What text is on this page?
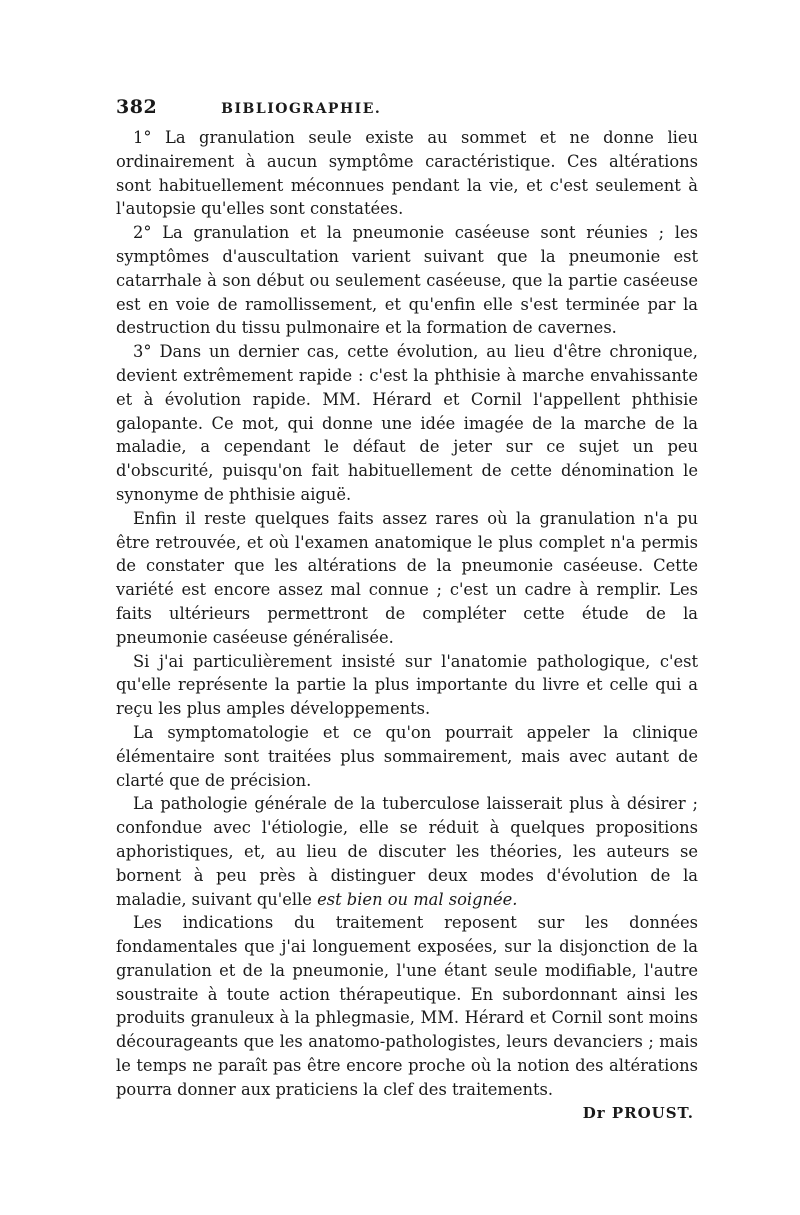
382	BIBLIOGRAPHIE.

1° La granulation seule existe au sommet et ne donne lieu ordinairement à aucun symptôme caractéristique. Ces altérations sont habituellement méconnues pendant la vie, et c'est seulement à l'autopsie qu'elles sont constatées.

2° La granulation et la pneumonie caséeuse sont réunies ; les symptômes d'auscultation varient suivant que la pneumonie est catarrhale à son début ou seulement caséeuse, que la partie caséeuse est en voie de ramollissement, et qu'enfin elle s'est terminée par la destruction du tissu pulmonaire et la formation de cavernes.

3° Dans un dernier cas, cette évolution, au lieu d'être chronique, devient extrêmement rapide : c'est la phthisie à marche envahissante et à évolution rapide. MM. Hérard et Cornil l'appellent phthisie galopante. Ce mot, qui donne une idée imagée de la marche de la maladie, a cependant le défaut de jeter sur ce sujet un peu d'obscurité, puisqu'on fait habituellement de cette dénomination le synonyme de phthisie aiguë.

Enfin il reste quelques faits assez rares où la granulation n'a pu être retrouvée, et où l'examen anatomique le plus complet n'a permis de constater que les altérations de la pneumonie caséeuse. Cette variété est encore assez mal connue ; c'est un cadre à remplir. Les faits ultérieurs permettront de compléter cette étude de la pneumonie caséeuse généralisée.

Si j'ai particulièrement insisté sur l'anatomie pathologique, c'est qu'elle représente la partie la plus importante du livre et celle qui a reçu les plus amples développements.

La symptomatologie et ce qu'on pourrait appeler la clinique élémentaire sont traitées plus sommairement, mais avec autant de clarté que de précision.

La pathologie générale de la tuberculose laisserait plus à désirer ; confondue avec l'étiologie, elle se réduit à quelques propositions aphoristiques, et, au lieu de discuter les théories, les auteurs se bornent à peu près à distinguer deux modes d'évolution de la maladie, suivant qu'elle est bien ou mal soignée.

Les indications du traitement reposent sur les données fondamentales que j'ai longuement exposées, sur la disjonction de la granulation et de la pneumonie, l'une étant seule modifiable, l'autre soustraite à toute action thérapeutique. En subordonnant ainsi les produits granuleux à la phlegmasie, MM. Hérard et Cornil sont moins décourageants que les anatomo-pathologistes, leurs devanciers ; mais le temps ne paraît pas être encore proche où la notion des altérations pourra donner aux praticiens la clef des traitements.

Dr PROUST.
